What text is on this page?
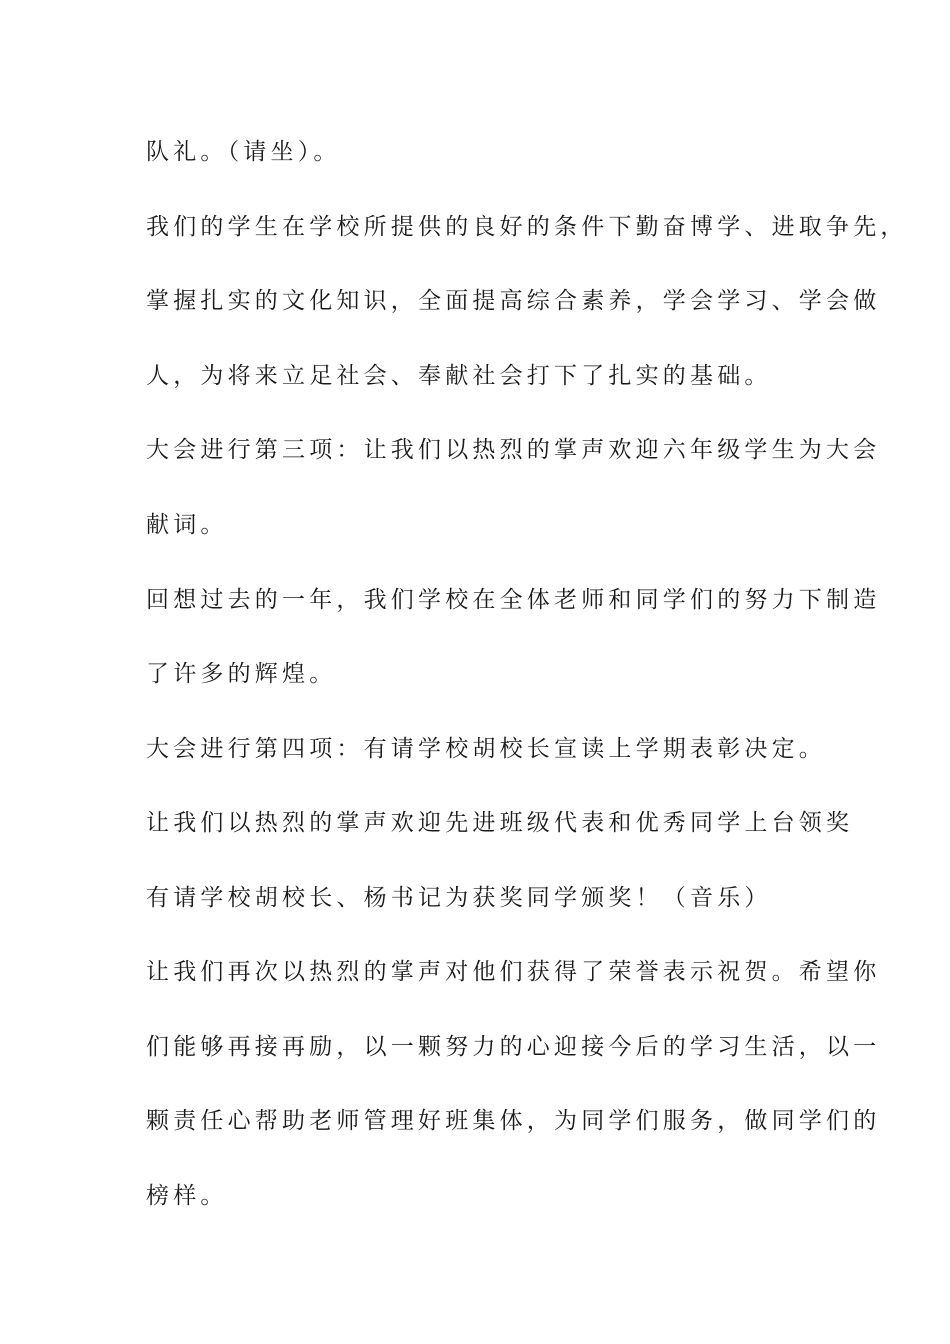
队礼。（请坐）。
我们的学生在学校所提供的良好的条件下勤奋博学、进取争先，
掌握扎实的文化知识，全面提高综合素养，学会学习、学会做
人，为将来立足社会、奉献社会打下了扎实的基础。
大会进行第三项：让我们以热烈的掌声欢迎六年级学生为大会
献词。
回想过去的一年，我们学校在全体老师和同学们的努力下制造
了许多的辉煌。
大会进行第四项：有请学校胡校长宣读上学期表彰决定。
让我们以热烈的掌声欢迎先进班级代表和优秀同学上台领奖
有请学校胡校长、杨书记为获奖同学颁奖！（音乐）
让我们再次以热烈的掌声对他们获得了荣誉表示祝贺。希望你
们能够再接再励，以一颗努力的心迎接今后的学习生活，以一
颗责任心帮助老师管理好班集体，为同学们服务，做同学们的
榜样。
